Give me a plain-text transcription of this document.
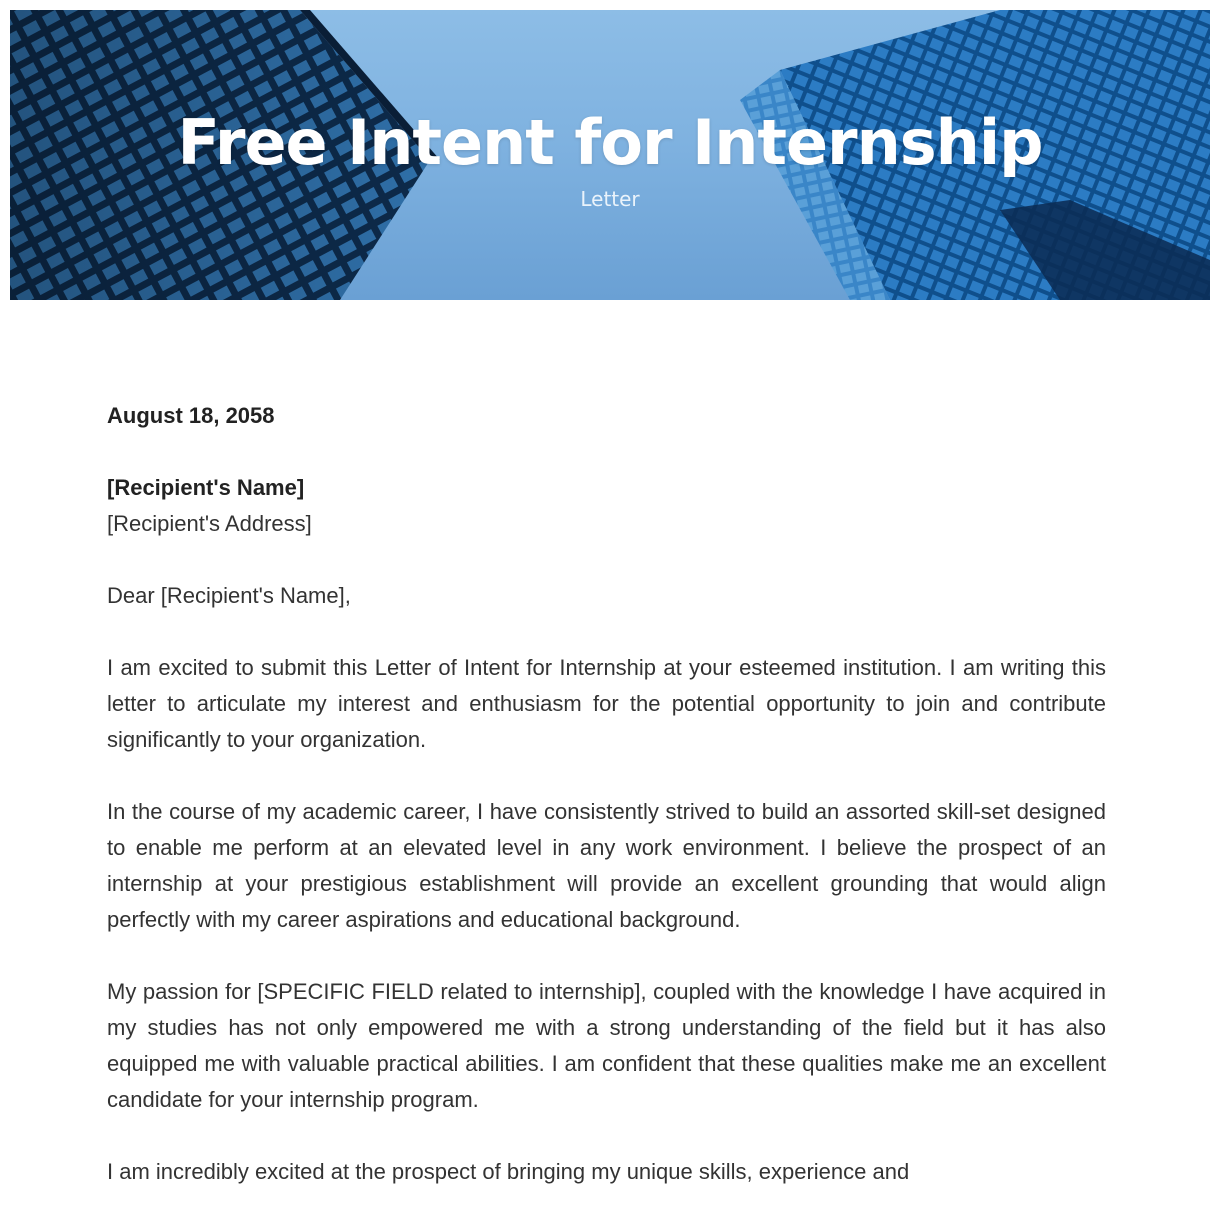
Free Intent for Internship
Letter

August 18, 2058

[Recipient's Name]

[Recipient's Address]

Dear [Recipient's Name],

I am excited to submit this Letter of Intent for Internship at your esteemed institution. I am writing this letter to articulate my interest and enthusiasm for the potential opportunity to join and contribute significantly to your organization.

In the course of my academic career, I have consistently strived to build an assorted skill-set designed to enable me perform at an elevated level in any work environment. I believe the prospect of an internship at your prestigious establishment will provide an excellent grounding that would align perfectly with my career aspirations and educational background.

My passion for [SPECIFIC FIELD related to internship], coupled with the knowledge I have acquired in my studies has not only empowered me with a strong understanding of the field but it has also equipped me with valuable practical abilities. I am confident that these qualities make me an excellent candidate for your internship program.

I am incredibly excited at the prospect of bringing my unique skills, experience and
